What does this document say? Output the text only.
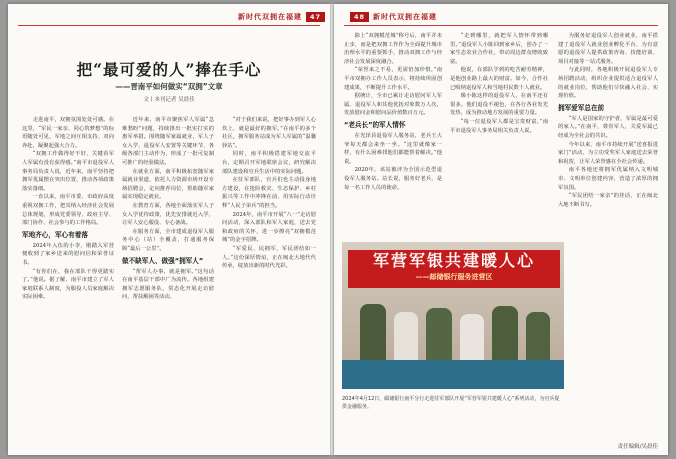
新时代双拥在福建	47
把“最可爱的人”捧在手心
——晋南平如何做实“双拥”文章
文丨本刊记者 吴晨佳

走进南平，双拥氛围处处可感。在这里，“军民一家亲、同心筑梦想”的标语随处可见，军地之间互相支持、双向奔赴，凝聚起强大合力。

“双拥工作做得好不好，关键看军人军属有没有获得感。”南平市退役军人事务局负责人说，近年来，南平坚持把拥军优属摆在突出位置，推动各项政策落实落细。

一直以来，南平市委、市政府高度重视双拥工作，把其纳入经济社会发展总体规划，形成党委领导、政府主导、部门协作、社会参与的工作格局。

军地齐心，军心有着落

2024年入伍的小李，刚踏入军营便收到了家乡送来的慰问信和荣誉证书。

“有你们在，我在部队干得更踏实了。”他说。据了解，南平市建立了军人家庭联系人制度，为服役人员家庭解决实际困难。

近年来，南平市聚焦军人军属“急难愁盼”问题，持续推出一批实打实的惠军举措。围绕随军家属就业、军人子女入学、退役军人安置等关键环节，各级各部门主动作为，形成了一批可复制可推广的经验做法。

在就业方面，南平积极拓宽随军家属就业渠道，依托人力资源市场开设专场招聘会，定向推荐岗位，帮助随军家属实现稳定就业。

在教育方面，各地全面落实军人子女入学优待政策，优先安排就近入学，让军人安心服役、专心备战。

在服务方面，全市建成退役军人服务中心（站）全覆盖，打通服务保障“最后一公里”。

做不缺军人、做强“拥军人”

“帮军人办事，就是拥军。”这句话在南平基层干部中广为流传。各地组建拥军志愿服务队，常态化开展走访慰问、帮扶解困等活动。

“对于我们来说，把好事办到军人心坎上，就是最好的拥军。”在南平的多个社区，拥军服务站成为军人军属的“温馨驿站”。

同时，南平积极搭建军地交流平台，定期召开军地联席会议，研究解决部队建设和官兵生活中的实际问题。

在驻军部队，官兵们也主动投身地方建设，在抢险救灾、生态保护、乡村振兴等工作中冲锋在前，用实际行动诠释“人民子弟兵”的担当。

2024年，南平市开展“八一”走访慰问活动，深入部队和军人家庭，送去党和政府的关怀，进一步擦亮“双拥模范城”的金字招牌。

“军爱民、民拥军，军民团结如一人。”这份深厚情谊，正在闽北大地代代传承，绽放出新的时代光彩。

48	新时代双拥在福建

除上“双拥模范城”称号后，南平并未止步，而是把双拥工作作为全面提升城市治理水平的重要抓手，推动双拥工作与经济社会发展深度融合。

“荣誉来之不易，更需倍加珍惜。”南平市双拥办工作人员表示，将持续巩固创建成果，不断提升工作水平。

据统计，全市已累计走访慰问军人军属、退役军人和其他优抚对象数万人次，发放慰问金和慰问品价值数百万元。

“老兵长”的军人情怀

在光泽县退役军人服务站，老兵王大爷每天都会来坐一坐。“这里就像家一样，有什么困难找他们都能帮着解决。”他说。

2020年，该站被评为全国示范型退役军人服务站。站长说，服务好老兵，是每一名工作人员的使命。

“走到哪里，就把军人情怀带到哪里。”退役军人小陈回到家乡后，创办了一家生态农业合作社，带动周边群众增收致富。

他说，在部队学到的吃苦耐劳精神，是他创业路上最大的财富。如今，合作社已吸纳退役军人和当地村民数十人就业。

像小陈这样的退役军人，在南平还有很多。他们退役不褪色，在各行各业发光发热，成为推动地方发展的重要力量。

“每一位退役军人都是宝贵财富。”南平市退役军人事务局相关负责人说。

为服务好退役军人创业就业，南平搭建了退役军人就业创业孵化平台，为有意愿的退役军人提供政策咨询、技能培训、项目对接等一站式服务。

与此同时，各地积极开展退役军人专场招聘活动，组织企业提供适合退役军人的就业岗位，帮助他们尽快融入社会、实现价值。

拥军爱军总在前

“军人是国家的守护者，军属是最可爱的家人。”在南平，尊崇军人、关爱军属已经成为全社会的共识。

今年以来，南平市持续开展“送喜报进家门”活动，为立功受奖军人家庭送去荣誉和祝贺，让军人荣誉感在全社会传递。

南平各地还将拥军优属纳入文明城市、文明单位创建内容，营造了浓厚的拥军氛围。

“军民团结一家亲”的佳话，正在闽北大地不断书写。

军营军银共建暖人心
——邮储银行服务进营区
2024年4月12日，邮储银行南平分行走进驻军部队开展“军营军银共建暖人心”系列活动，为官兵提供金融服务。
责任编辑/吴晨佳
